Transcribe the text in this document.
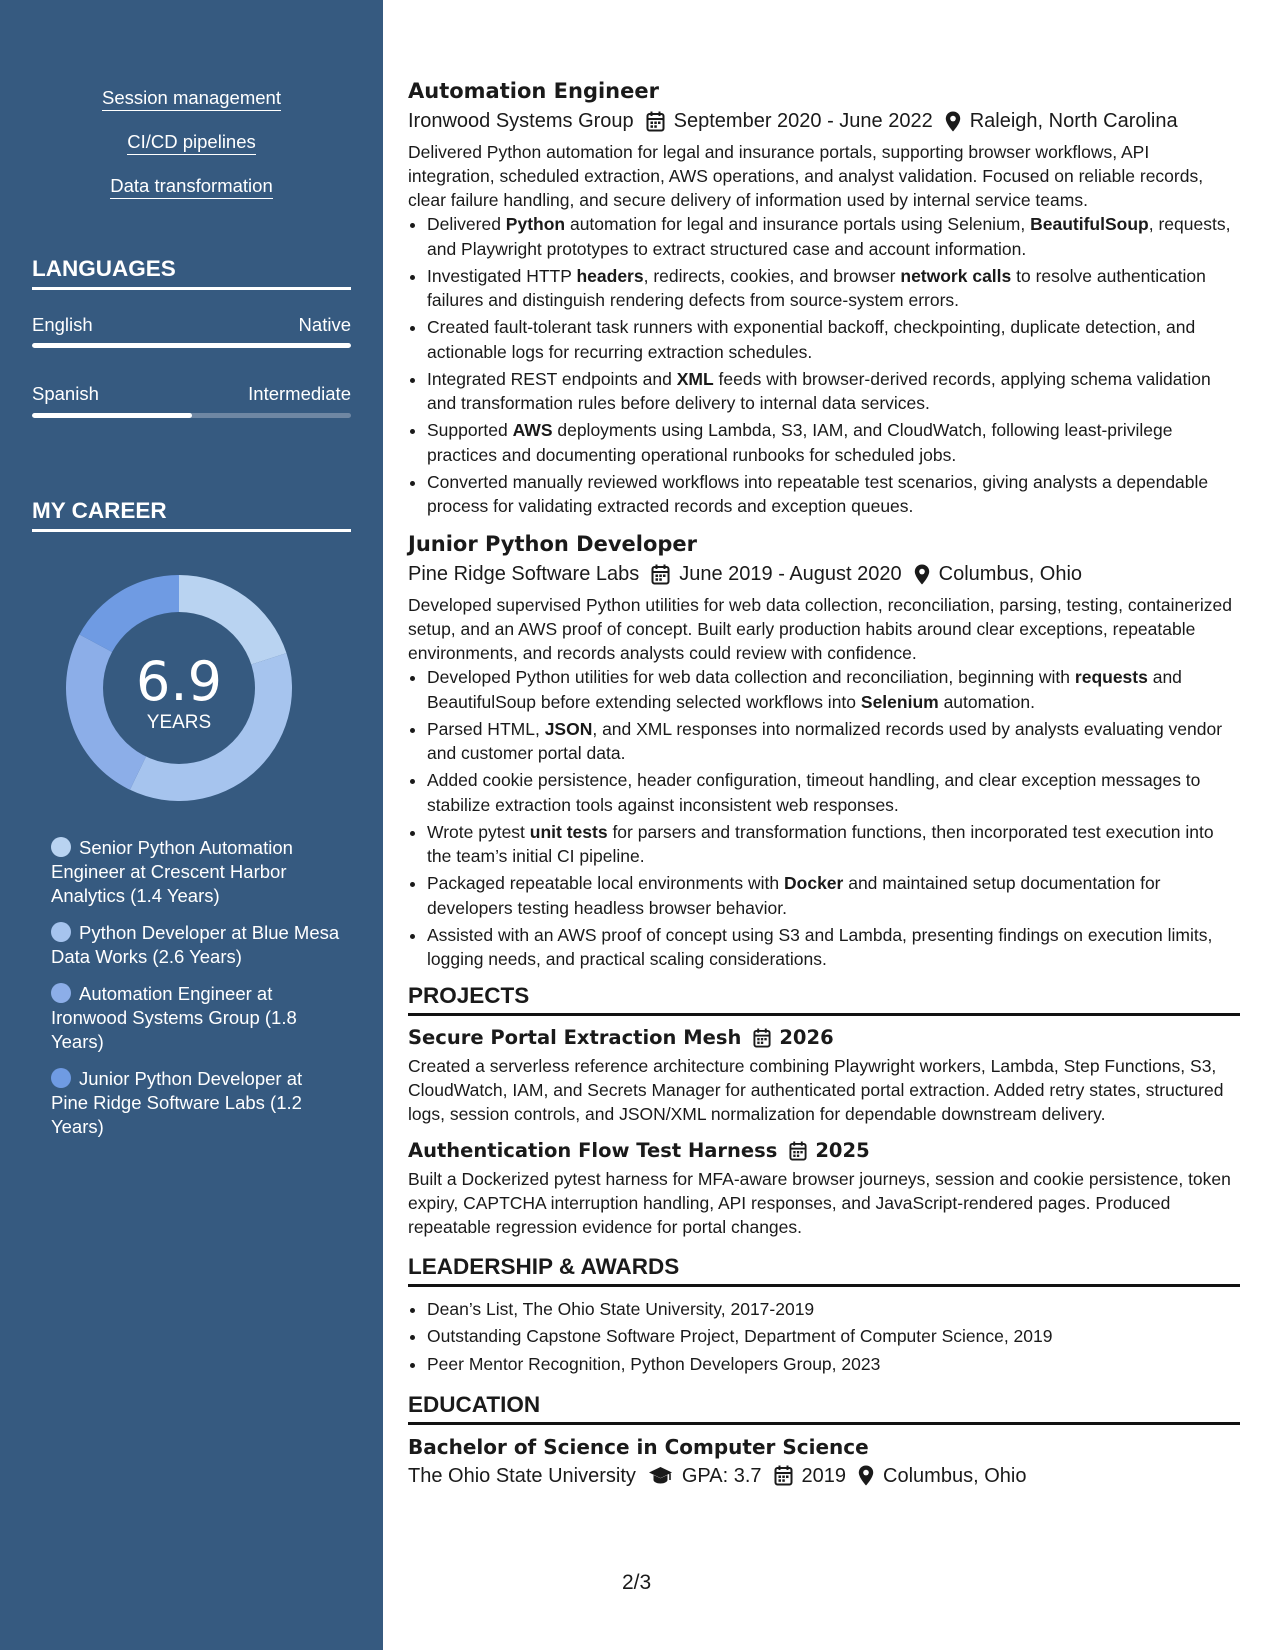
Session management
CI/CD pipelines
Data transformation
LANGUAGES
English	Native
Spanish	Intermediate
MY CAREER
6.9
YEARS
Senior Python Automation Engineer at Crescent Harbor Analytics (1.4 Years)
Python Developer at Blue Mesa Data Works (2.6 Years)
Automation Engineer at Ironwood Systems Group (1.8 Years)
Junior Python Developer at Pine Ridge Software Labs (1.2 Years)
Automation Engineer
Ironwood Systems Group September 2020 - June 2022 Raleigh, North Carolina

Delivered Python automation for legal and insurance portals, supporting browser workflows, API integration, scheduled extraction, AWS operations, and analyst validation. Focused on reliable records, clear failure handling, and secure delivery of information used by internal service teams.

• Delivered Python automation for legal and insurance portals using Selenium, BeautifulSoup, requests, and Playwright prototypes to extract structured case and account information.
• Investigated HTTP headers, redirects, cookies, and browser network calls to resolve authentication failures and distinguish rendering defects from source-system errors.
• Created fault-tolerant task runners with exponential backoff, checkpointing, duplicate detection, and actionable logs for recurring extraction schedules.
• Integrated REST endpoints and XML feeds with browser-derived records, applying schema validation and transformation rules before delivery to internal data services.
• Supported AWS deployments using Lambda, S3, IAM, and CloudWatch, following least-privilege practices and documenting operational runbooks for scheduled jobs.
• Converted manually reviewed workflows into repeatable test scenarios, giving analysts a dependable process for validating extracted records and exception queues.
Junior Python Developer
Pine Ridge Software Labs June 2019 - August 2020 Columbus, Ohio

Developed supervised Python utilities for web data collection, reconciliation, parsing, testing, containerized setup, and an AWS proof of concept. Built early production habits around clear exceptions, repeatable environments, and records analysts could review with confidence.

• Developed Python utilities for web data collection and reconciliation, beginning with requests and BeautifulSoup before extending selected workflows into Selenium automation.
• Parsed HTML, JSON, and XML responses into normalized records used by analysts evaluating vendor and customer portal data.
• Added cookie persistence, header configuration, timeout handling, and clear exception messages to stabilize extraction tools against inconsistent web responses.
• Wrote pytest unit tests for parsers and transformation functions, then incorporated test execution into the team’s initial CI pipeline.
• Packaged repeatable local environments with Docker and maintained setup documentation for developers testing headless browser behavior.
• Assisted with an AWS proof of concept using S3 and Lambda, presenting findings on execution limits, logging needs, and practical scaling considerations.
PROJECTS
Secure Portal Extraction Mesh 2026

Created a serverless reference architecture combining Playwright workers, Lambda, Step Functions, S3, CloudWatch, IAM, and Secrets Manager for authenticated portal extraction. Added retry states, structured logs, session controls, and JSON/XML normalization for dependable downstream delivery.

Authentication Flow Test Harness 2025

Built a Dockerized pytest harness for MFA-aware browser journeys, session and cookie persistence, token expiry, CAPTCHA interruption handling, API responses, and JavaScript-rendered pages. Produced repeatable regression evidence for portal changes.

LEADERSHIP & AWARDS
• Dean’s List, The Ohio State University, 2017-2019
• Outstanding Capstone Software Project, Department of Computer Science, 2019
• Peer Mentor Recognition, Python Developers Group, 2023
EDUCATION
Bachelor of Science in Computer Science
The Ohio State University GPA: 3.7 2019 Columbus, Ohio
2/3
